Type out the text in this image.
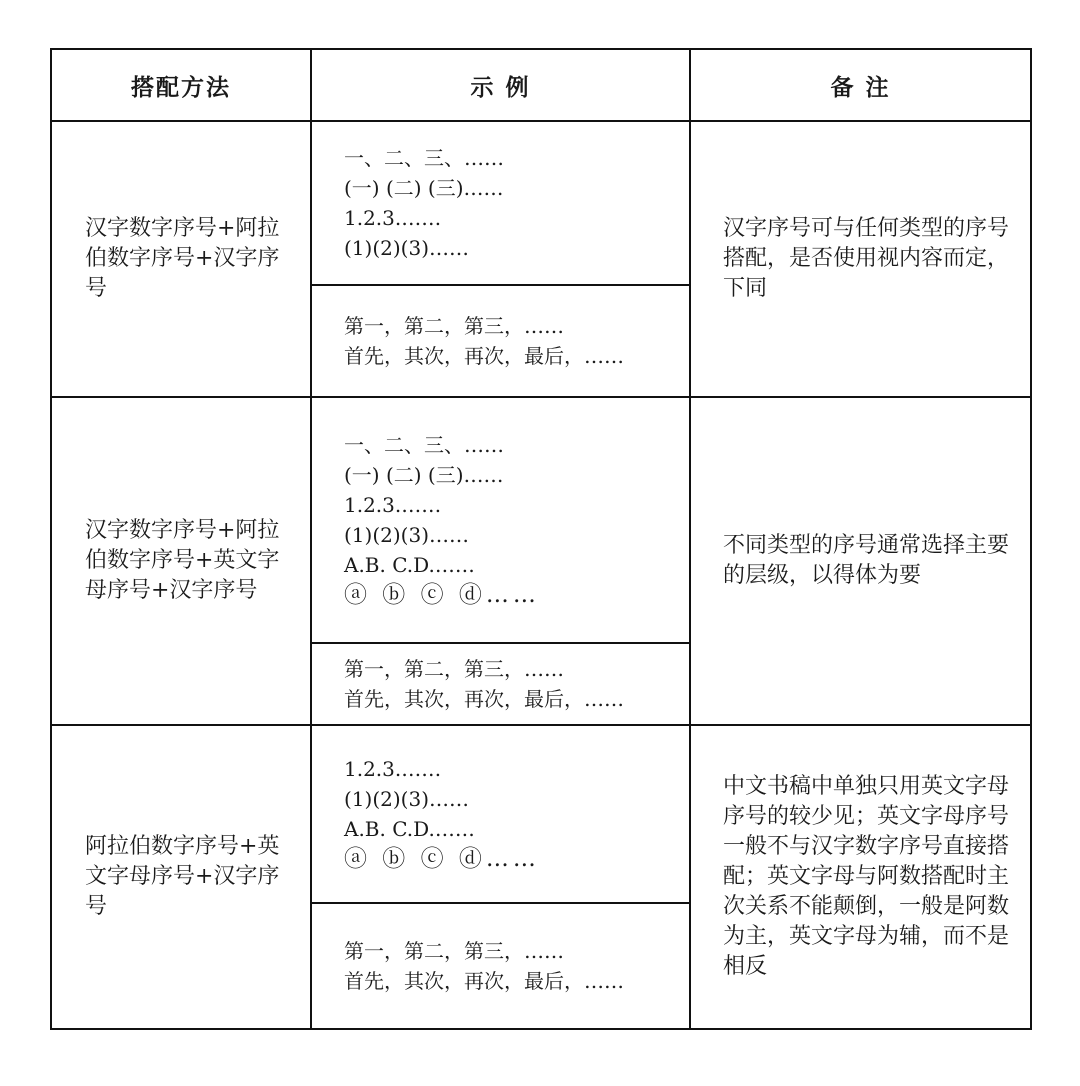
搭配方法	示 例	备 注
汉字数字序号+阿拉伯数字序号+汉字序号
一、二、三、……
(一) (二) (三)……
1.2.3.……
(1)(2)(3)……
第一，第二，第三，……
首先，其次，再次，最后，……
汉字序号可与任何类型的序号搭配，是否使用视内容而定，下同
汉字数字序号+阿拉伯数字序号+英文字母序号+汉字序号
一、二、三、……
(一) (二) (三)……
1.2.3.……
(1)(2)(3)……
A.B. C.D.……
ⓐ ⓑ ⓒ ⓓ……
第一，第二，第三，……
首先，其次，再次，最后，……
不同类型的序号通常选择主要的层级，以得体为要
阿拉伯数字序号+英文字母序号+汉字序号
1.2.3.……
(1)(2)(3)……
A.B. C.D.……
ⓐ ⓑ ⓒ ⓓ……
第一，第二，第三，……
首先，其次，再次，最后，……
中文书稿中单独只用英文字母序号的较少见；英文字母序号一般不与汉字数字序号直接搭配；英文字母与阿数搭配时主次关系不能颠倒，一般是阿数为主，英文字母为辅，而不是相反
